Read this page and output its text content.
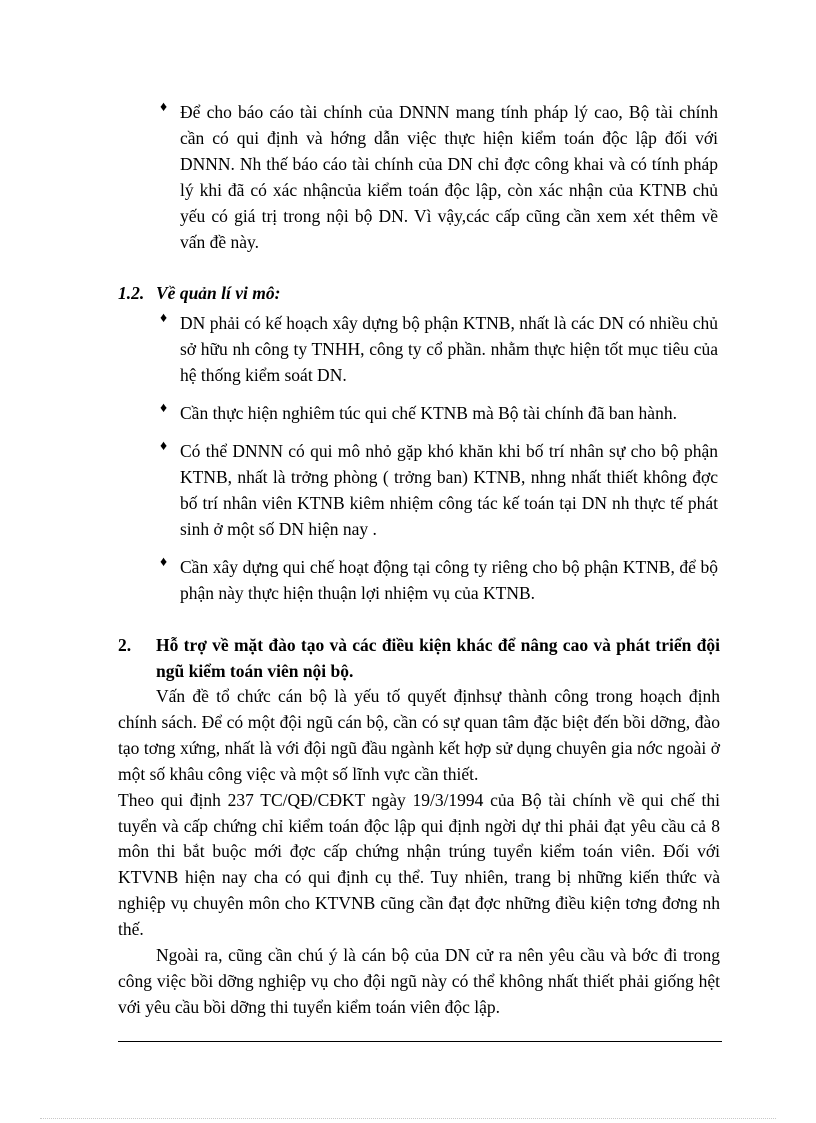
♦ Để cho báo cáo tài chính của DNNN mang tính pháp lý cao, Bộ tài chính cần có qui định và hớng dẫn việc thực hiện kiểm toán độc lập đối với DNNN. Nh thế báo cáo tài chính của DN chỉ đợc công khai và có tính pháp lý khi đã có xác nhậncủa kiểm toán độc lập, còn xác nhận của KTNB chủ yếu có giá trị trong nội bộ DN. Vì vậy,các cấp cũng cần xem xét thêm về vấn đề này.
1.2. Về quản lí vi mô:
♦ DN phải có kế hoạch xây dựng bộ phận KTNB, nhất là các DN có nhiều chủ sở hữu nh công ty TNHH, công ty cổ phần. nhằm thực hiện tốt mục tiêu của hệ thống kiểm soát DN.
♦ Cần thực hiện nghiêm túc qui chế KTNB mà Bộ tài chính đã ban hành.
♦ Có thể DNNN có qui mô nhỏ gặp khó khăn khi bố trí nhân sự cho bộ phận KTNB, nhất là trởng phòng ( trởng ban) KTNB, nhng nhất thiết không đợc bố trí nhân viên KTNB kiêm nhiệm công tác kế toán tại DN nh thực tế phát sinh ở một số DN hiện nay .
♦ Cần xây dựng qui chế hoạt động tại công ty riêng cho bộ phận KTNB, để bộ phận này thực hiện thuận lợi nhiệm vụ của KTNB.
2. Hỗ trợ về mặt đào tạo và các điều kiện khác để nâng cao và phát triển đội ngũ kiểm toán viên nội bộ.

Vấn đề tổ chức cán bộ là yếu tố quyết địnhsự thành công trong hoạch định chính sách. Để có một đội ngũ cán bộ, cần có sự quan tâm đặc biệt đến bồi dỡng, đào tạo tơng xứng, nhất là với đội ngũ đầu ngành kết hợp sử dụng chuyên gia nớc ngoài ở một số khâu công việc và một số lĩnh vực cần thiết.

Theo qui định 237 TC/QĐ/CĐKT ngày 19/3/1994 của Bộ tài chính về qui chế thi tuyển và cấp chứng chỉ kiểm toán độc lập qui định ngời dự thi phải đạt yêu cầu cả 8 môn thi bắt buộc mới đợc cấp chứng nhận trúng tuyển kiểm toán viên. Đối với KTVNB hiện nay cha có qui định cụ thể. Tuy nhiên, trang bị những kiến thức và nghiệp vụ chuyên môn cho KTVNB cũng cần đạt đợc những điều kiện tơng đơng nh thế.

Ngoài ra, cũng cần chú ý là cán bộ của DN cử ra nên yêu cầu và bớc đi trong công việc bồi dỡng nghiệp vụ cho đội ngũ này có thể không nhất thiết phải giống hệt với yêu cầu bồi dỡng thi tuyển kiểm toán viên độc lập.
